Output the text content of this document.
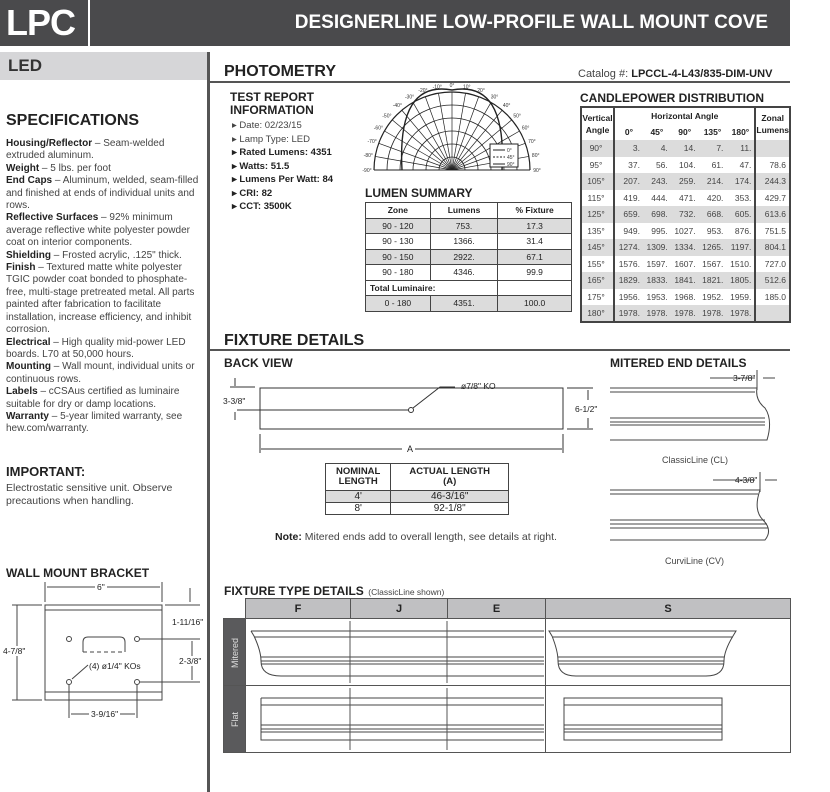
LPC	DESIGNERLINE LOW-PROFILE WALL MOUNT COVE
LED	PHOTOMETRY	Catalog #: LPCCL-4-L43/835-DIM-UNV
TEST REPORT
INFORMATION
▸ Date: 02/23/15
▸ Lamp Type: LED
▸ Rated Lumens: 4351
▸ Watts: 51.5
▸ Lumens Per Watt: 84
▸ CRI: 82
▸ CCT: 3500K
-90°
-80°
-70°
-60°
-50°
-40°
-30°
-20°
-10° 0° 10°
20°
30°
40°
50°
60°
70°
80°
90°
0°
45°
90°
LUMEN SUMMARY
Zone	Lumens	% Fixture
90 - 120	753.	17.3
90 - 130	1366.	31.4
90 - 150	2922.	67.1
90 - 180	4346.	99.9
Total Luminaire:		
0 - 180	4351.	100.0
CANDLEPOWER DISTRIBUTION
Vertical
Angle	Horizontal Angle					Zonal
Lumens
	0°	45°	90°	135°	180°	
90°	3.	4.	14.	7.	11.	
95°	37.	56.	104.	61.	47.	78.6
105°	207.	243.	259.	214.	174.	244.3
115°	419.	444.	471.	420.	353.	429.7
125°	659.	698.	732.	668.	605.	613.6
135°	949.	995.	1027.	953.	876.	751.5
145°	1274.	1309.	1334.	1265.	1197.	804.1
155°	1576.	1597.	1607.	1567.	1510.	727.0
165°	1829.	1833.	1841.	1821.	1805.	512.6
175°	1956.	1953.	1968.	1952.	1959.	185.0
180°	1978.	1978.	1978.	1978.	1978.	
SPECIFICATIONS
Housing/Reflector – Seam-welded extruded aluminum.
Weight – 5 lbs. per foot
End Caps – Aluminum, welded, seam-filled and finished at ends of individual units and rows.
Reflective Surfaces – 92% minimum average reflective white polyester powder coat on interior components.
Shielding – Frosted acrylic, .125" thick.
Finish – Textured matte white polyester TGIC powder coat bonded to phosphate-free, multi-stage pretreated metal. All parts painted after fabrication to facilitate installation, increase efficiency, and inhibit corrosion.
Electrical – High quality mid-power LED boards. L70 at 50,000 hours.
Mounting – Wall mount, individual units or continuous rows.
Labels – cCSAus certified as luminaire suitable for dry or damp locations.
Warranty – 5-year limited warranty, see hew.com/warranty.
IMPORTANT:
Electrostatic sensitive unit. Observe precautions when handling.
WALL MOUNT BRACKET
6"
4-7/8"
1-11/16"
2-3/8"
3-9/16"
(4) ø1/4" KOs
FIXTURE DETAILS
BACK VIEW
ø7/8" KO
3-3/8"
6-1/2"
A
NOMINAL
LENGTH	ACTUAL LENGTH
(A)
4'	46-3/16"
8'	92-1/8"
Note: Mitered ends add to overall length, see details at right.
MITERED END DETAILS
3-7/8"
ClassicLine (CL)
4-3/8"
CurviLine (CV)
FIXTURE TYPE DETAILS (ClassicLine shown)
	F	J	E	S
Mitered	

Flat	
